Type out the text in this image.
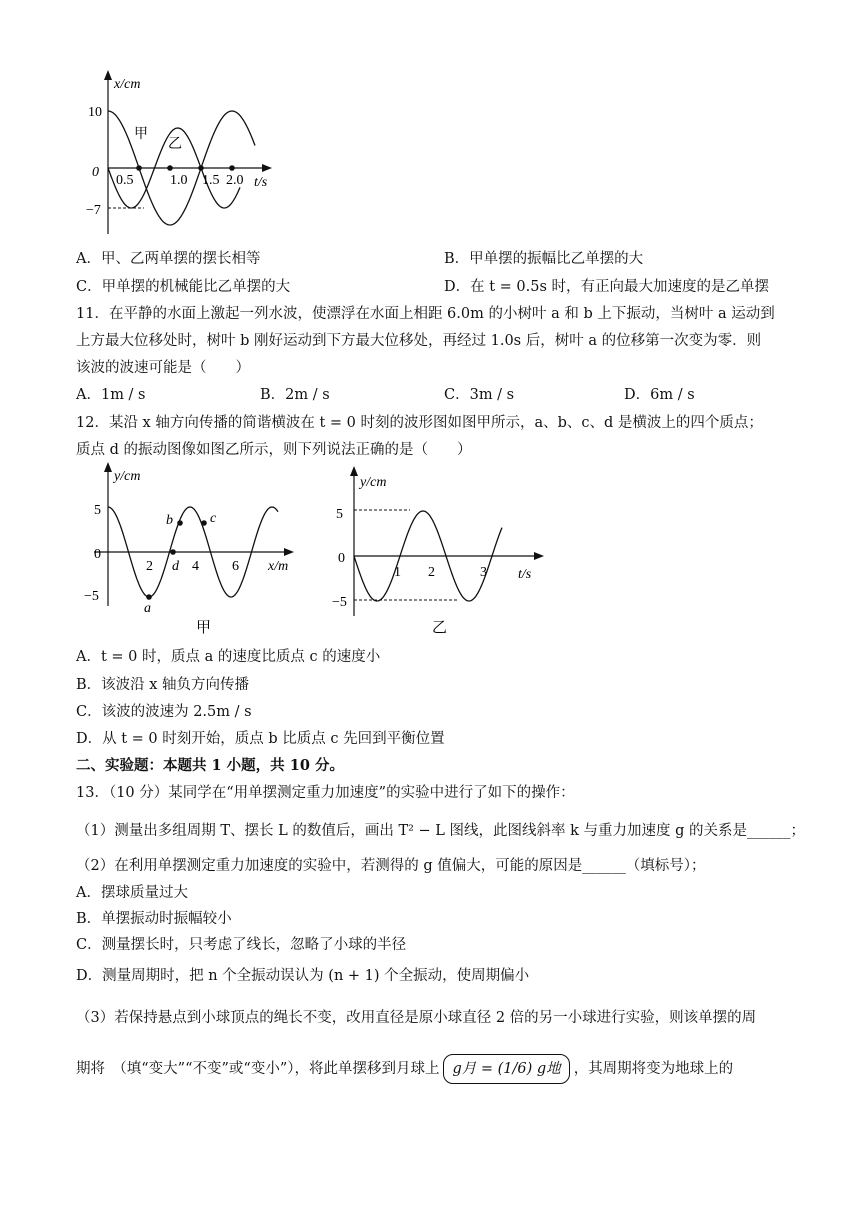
x/cm
10
0
−7
0.5	1.0 1.5 2.0 t/s
甲
乙
A．甲、乙两单摆的摆长相等	B．甲单摆的振幅比乙单摆的大
C．甲单摆的机械能比乙单摆的大	D．在 t = 0.5s 时，有正向最大加速度的是乙单摆
11．在平静的水面上激起一列水波，使漂浮在水面上相距 6.0m 的小树叶 a 和 b 上下振动，当树叶 a 运动到
上方最大位移处时，树叶 b 刚好运动到下方最大位移处，再经过 1.0s 后，树叶 a 的位移第一次变为零．则
该波的波速可能是（　　）
A．1m / s	B．2m / s	C．3m / s	D．6m / s
12．某沿 x 轴方向传播的简谐横波在 t = 0 时刻的波形图如图甲所示，a、b、c、d 是横波上的四个质点；
质点 d 的振动图像如图乙所示，则下列说法正确的是（　　）
y/cm
5
0
−5
2	4 6 x/m
a
b	c
d
甲
y/cm
5
0
−5
1 2	3 t/s
乙
A．t = 0 时，质点 a 的速度比质点 c 的速度小
B．该波沿 x 轴负方向传播
C．该波的波速为 2.5m / s
D．从 t = 0 时刻开始，质点 b 比质点 c 先回到平衡位置
二、实验题：本题共 1 小题，共 10 分。
13．（10 分）某同学在“用单摆测定重力加速度”的实验中进行了如下的操作：
（1）测量出多组周期 T、摆长 L 的数值后，画出 T² − L 图线，此图线斜率 k 与重力加速度 g 的关系是______；
（2）在利用单摆测定重力加速度的实验中，若测得的 g 值偏大，可能的原因是______（填标号）；
A．摆球质量过大
B．单摆振动时振幅较小
C．测量摆长时，只考虑了线长，忽略了小球的半径
D．测量周期时，把 n 个全振动误认为 (n + 1) 个全振动，使周期偏小
（3）若保持悬点到小球顶点的绳长不变，改用直径是原小球直径 2 倍的另一小球进行实验，则该单摆的周
期将　（填“变大”“不变”或“变小”），将此单摆移到月球上 g月 = (1/6) g地 ，其周期将变为地球上的
